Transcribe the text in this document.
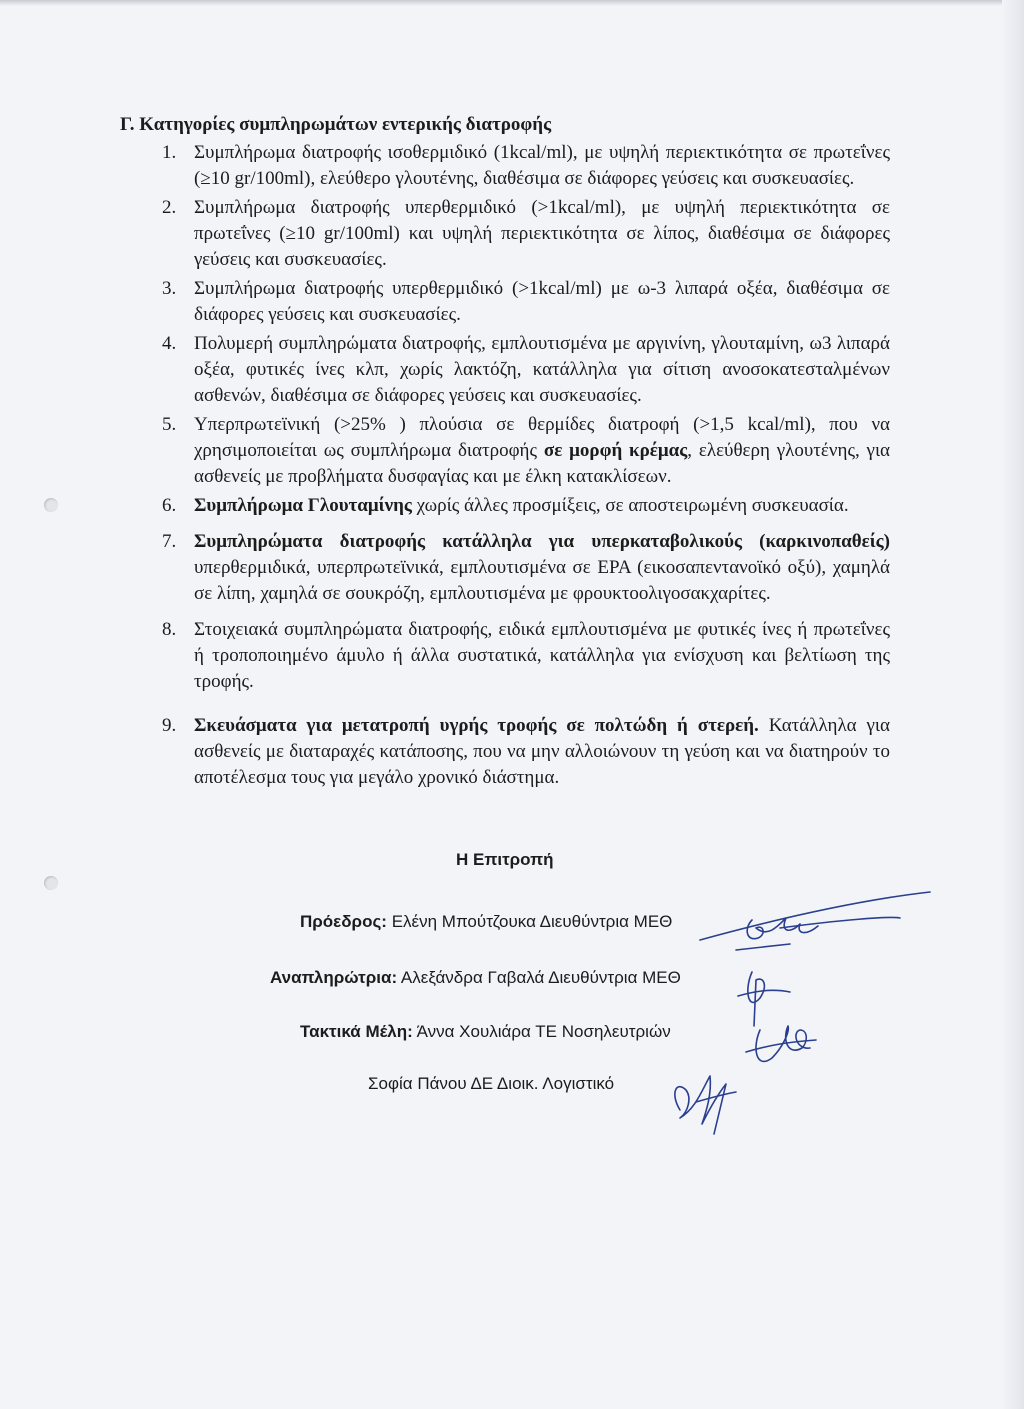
Γ. Κατηγορίες συμπληρωμάτων εντερικής διατροφής
1. Συμπλήρωμα διατροφής ισοθερμιδικό (1kcal/ml), με υψηλή περιεκτικότητα σε πρωτεΐνες (≥10 gr/100ml), ελεύθερο γλουτένης, διαθέσιμα σε διάφορες γεύσεις και συσκευασίες.
2. Συμπλήρωμα διατροφής υπερθερμιδικό (>1kcal/ml), με υψηλή περιεκτικότητα σε πρωτεΐνες (≥10 gr/100ml) και υψηλή περιεκτικότητα σε λίπος, διαθέσιμα σε διάφορες γεύσεις και συσκευασίες.
3. Συμπλήρωμα διατροφής υπερθερμιδικό (>1kcal/ml) με ω-3 λιπαρά οξέα, διαθέσιμα σε διάφορες γεύσεις και συσκευασίες.
4. Πολυμερή συμπληρώματα διατροφής, εμπλουτισμένα με αργινίνη, γλουταμίνη, ω3 λιπαρά οξέα, φυτικές ίνες κλπ, χωρίς λακτόζη, κατάλληλα για σίτιση ανοσοκατεσταλμένων ασθενών, διαθέσιμα σε διάφορες γεύσεις και συσκευασίες.
5. Υπερπρωτεϊνική (>25% ) πλούσια σε θερμίδες διατροφή (>1,5 kcal/ml), που να χρησιμοποιείται ως συμπλήρωμα διατροφής σε μορφή κρέμας, ελεύθερη γλουτένης, για ασθενείς με προβλήματα δυσφαγίας και με έλκη κατακλίσεων.
6. Συμπλήρωμα Γλουταμίνης χωρίς άλλες προσμίξεις, σε αποστειρωμένη συσκευασία.
7. Συμπληρώματα διατροφής κατάλληλα για υπερκαταβολικούς (καρκινοπαθείς) υπερθερμιδικά, υπερπρωτεϊνικά, εμπλουτισμένα σε ΕΡΑ (εικοσαπεντανοϊκό οξύ), χαμηλά σε λίπη, χαμηλά σε σουκρόζη, εμπλουτισμένα με φρουκτοολιγοσακχαρίτες.
8. Στοιχειακά συμπληρώματα διατροφής, ειδικά εμπλουτισμένα με φυτικές ίνες ή πρωτεΐνες ή τροποποιημένο άμυλο ή άλλα συστατικά, κατάλληλα για ενίσχυση και βελτίωση της τροφής.
9. Σκευάσματα για μετατροπή υγρής τροφής σε πολτώδη ή στερεή. Κατάλληλα για ασθενείς με διαταραχές κατάποσης, που να μην αλλοιώνουν τη γεύση και να διατηρούν το αποτέλεσμα τους για μεγάλο χρονικό διάστημα.
Η Επιτροπή
Πρόεδρος: Ελένη Μπούτζουκα Διευθύντρια ΜΕΘ
Αναπληρώτρια: Αλεξάνδρα Γαβαλά Διευθύντρια ΜΕΘ
Τακτικά Μέλη: Άννα Χουλιάρα ΤΕ Νοσηλευτριών
Σοφία Πάνου ΔΕ Διοικ. Λογιστικό
